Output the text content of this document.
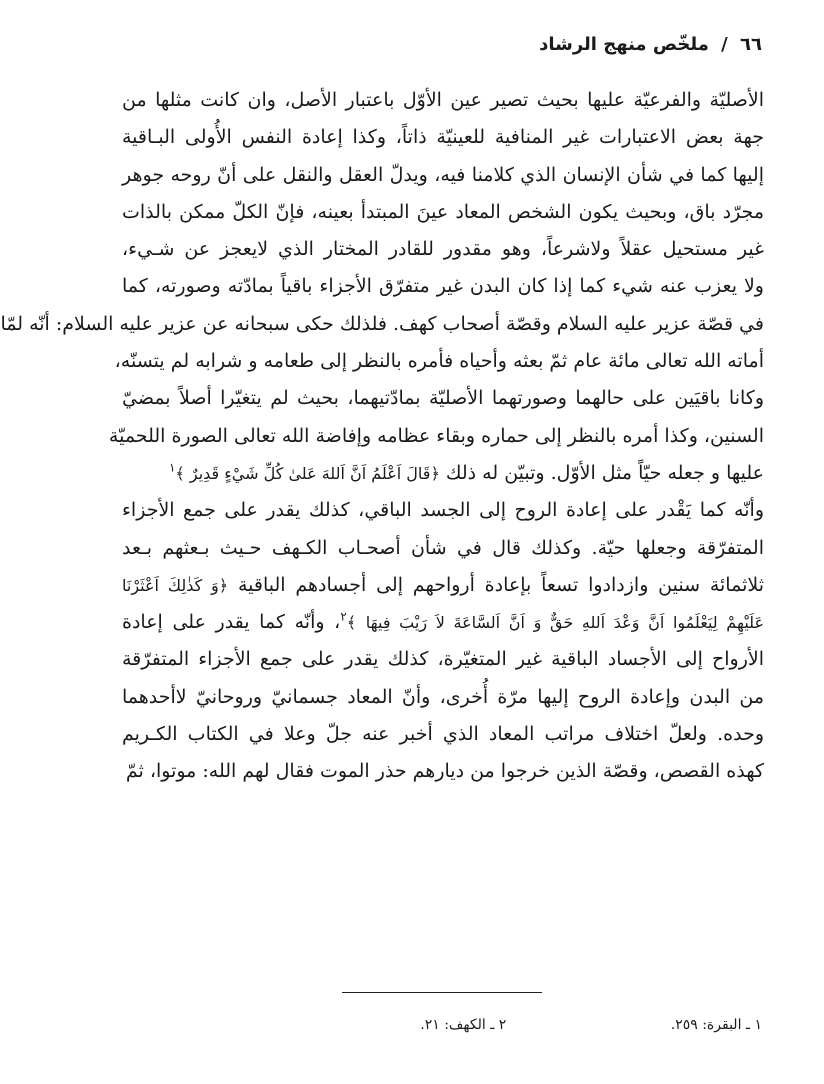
٦٦ / ملخّص منهج الرشاد
الأصليّة والفرعيّة عليها بحيث تصير عين الأوّل باعتبار الأصل، وان كانت مثلها من
جهة بعض الاعتبارات غير المنافية للعينيّة ذاتاً، وكذا إعادة النفس الأُولى البـاقية
إليها كما في شأن الإنسان الذي كلامنا فيه، ويدلّ العقل والنقل على أنّ روحه جوهر
مجرّد باق، وبحيث يكون الشخص المعاد عينَ المبتدأ بعينه، فإنّ الكلّ ممكن بالذات
غير مستحيل عقلاً ولاشرعاً، وهو مقدور للقادر المختار الذي لايعجز عن شـيء،
ولا يعزب عنه شيء كما إذا كان البدن غير متفرّق الأجزاء باقياً بمادّته وصورته، كما
في قصّة عزير عليه السلام وقصّة أصحاب كهف. فلذلك حكى سبحانه عن عزير عليه السلام: أنّه لمّا
أماته الله تعالى مائة عام ثمّ بعثه وأحياه فأمره بالنظر إلى طعامه و شرابه لم يتسنّه،
وكانا باقيَين على حالهما وصورتهما الأصليّة بمادّتيهما، بحيث لم يتغيّرا أصلاً بمضيّ
السنين، وكذا أمره بالنظر إلى حماره وبقاء عظامه وإفاضة الله تعالى الصورة اللحميّة
عليها و جعله حيّاً مثل الأوّل. وتبيّن له ذلك ﴿قَالَ اَعْلَمُ اَنَّ اَللهَ عَلىٰ كُلِّ شَيْءٍ قَدِيرٌ ﴾$^١$
وأنّه كما يَقْدر على إعادة الروح إلى الجسد الباقي، كذلك يقدر على جمع الأجزاء
المتفرّقة وجعلها حيّة. وكذلك قال في شأن أصحـاب الكـهف حـيث بـعثهم بـعد
ثلاثمائة سنين وازدادوا تسعاً بإعادة أرواحهم إلى أجسادهم الباقية ﴿وَ كَذٰلِكَ اَعْثَرْنَا
عَلَيْهِمْ لِيَعْلَمُوا اَنَّ وَعْدَ اَللهِ حَقٌّ وَ اَنَّ اَلسَّاعَةَ لاَ رَيْبَ فِيهَا ﴾$^٢$، وأنّه كما يقدر على إعادة
الأرواح إلى الأجساد الباقية غير المتغيّرة، كذلك يقدر على جمع الأجزاء المتفرّقة
من البدن وإعادة الروح إليها مرّة أُخرى، وأنّ المعاد جسمانيّ وروحانيّ لاأحدهما
وحده. ولعلّ اختلاف مراتب المعاد الذي أخبر عنه جلّ وعلا في الكتاب الكـريم
كهذه القصص، وقصّة الذين خرجوا من ديارهم حذر الموت فقال لهم الله: موتوا، ثمّ
١ ـ البقرة: ٢٥٩. ٢ ـ الكهف: ٢١.
